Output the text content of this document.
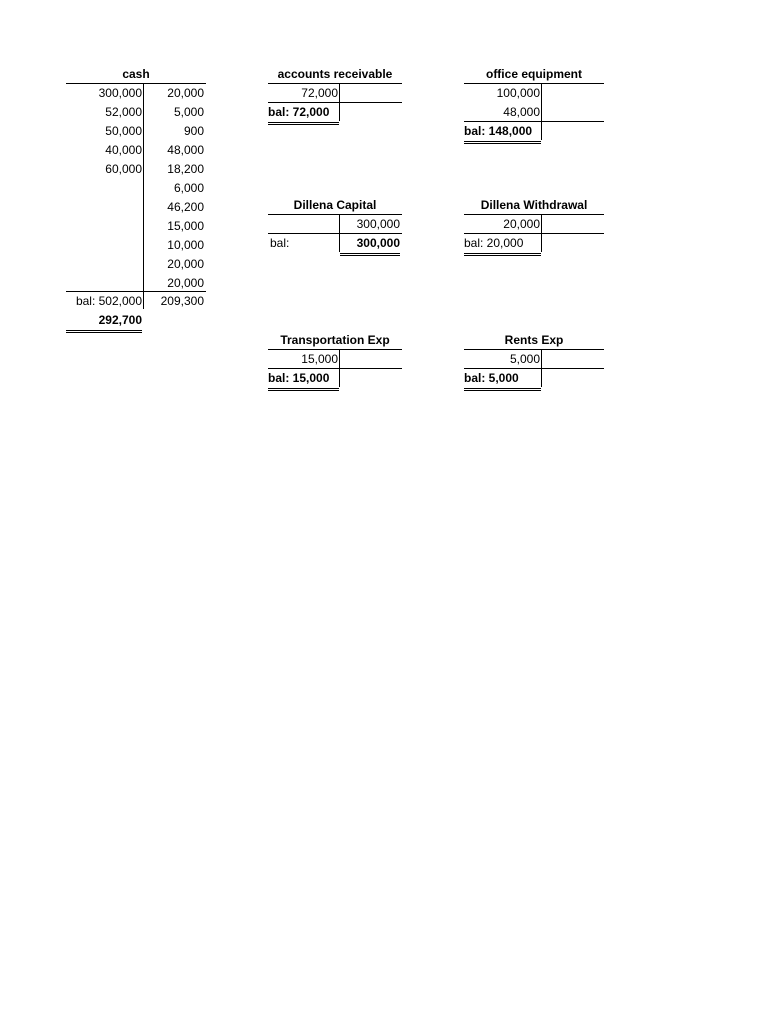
cash
300,000
52,000
50,000
40,000
60,000
20,000
5,000
900
48,000
18,200
6,000
46,200
15,000
10,000
20,000
20,000
bal: 502,000	209,300
292,700
accounts receivable
72,000
bal: 72,000
office equipment
100,000
48,000
bal: 148,000
Dillena Capital
300,000
bal:	300,000
Dillena Withdrawal
20,000
bal: 20,000
Transportation Exp
15,000
bal: 15,000
Rents Exp
5,000
bal: 5,000
